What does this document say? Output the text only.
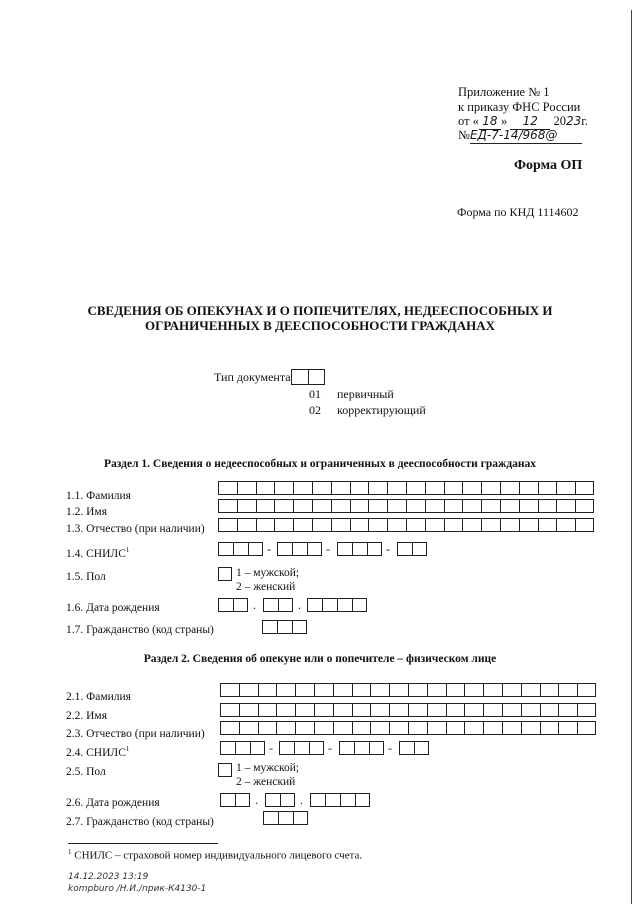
Приложение № 1
к приказу ФНС России
от « 18 » 12 2023г.
№ЕД-7-14/968@
Форма ОП
Форма по КНД 1114602
СВЕДЕНИЯ ОБ ОПЕКУНАХ И О ПОПЕЧИТЕЛЯХ, НЕДЕЕСПОСОБНЫХ И
ОГРАНИЧЕННЫХ В ДЕЕСПОСОБНОСТИ ГРАЖДАНАХ
Тип документа
01 первичный
02 корректирующий
Раздел 1. Сведения о недееспособных и ограниченных в дееспособности гражданах
1.1. Фамилия
1.2. Имя
1.3. Отчество (при наличии)
1.4. СНИЛС$^1$	-	-	-
1.5. Пол	1 – мужской;
2 – женский
1.6. Дата рождения	.	.
1.7. Гражданство (код страны)
Раздел 2. Сведения об опекуне или о попечителе – физическом лице
2.1. Фамилия
2.2. Имя
2.3. Отчество (при наличии)
2.4. СНИЛС$^1$	-	-	-
2.5. Пол	1 – мужской;
2 – женский
2.6. Дата рождения	.	.
2.7. Гражданство (код страны)
$^1$ СНИЛС – страховой номер индивидуального лицевого счета.
14.12.2023 13:19
kompburo /Н.И./прик-К4130-1
